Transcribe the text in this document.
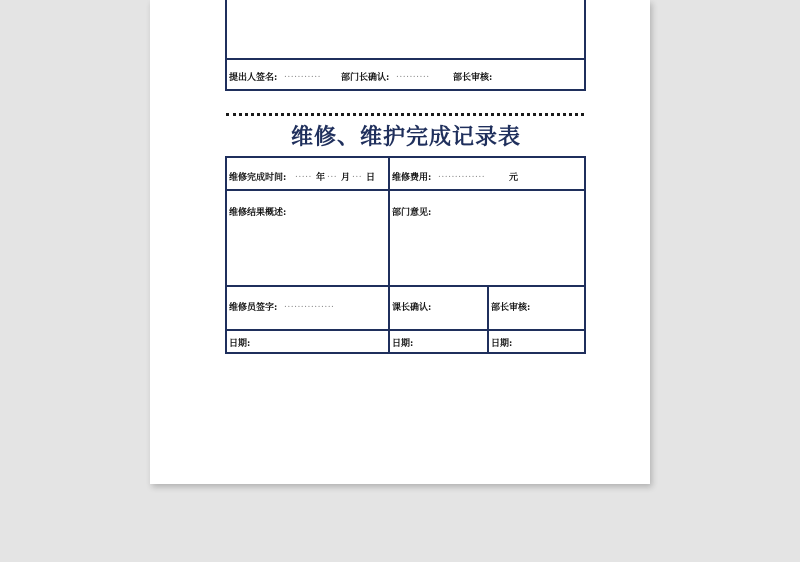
提出人签名: ........... 部门长确认: ..........	部长审核:
维修、维护完成记录表
维修完成时间: ..... 年 ... 月 ... 日 维修费用: ..............	元
维修结果概述:	部门意见:
维修员签字: ...............	课长确认:	部长审核:
日期:	日期:	日期:
